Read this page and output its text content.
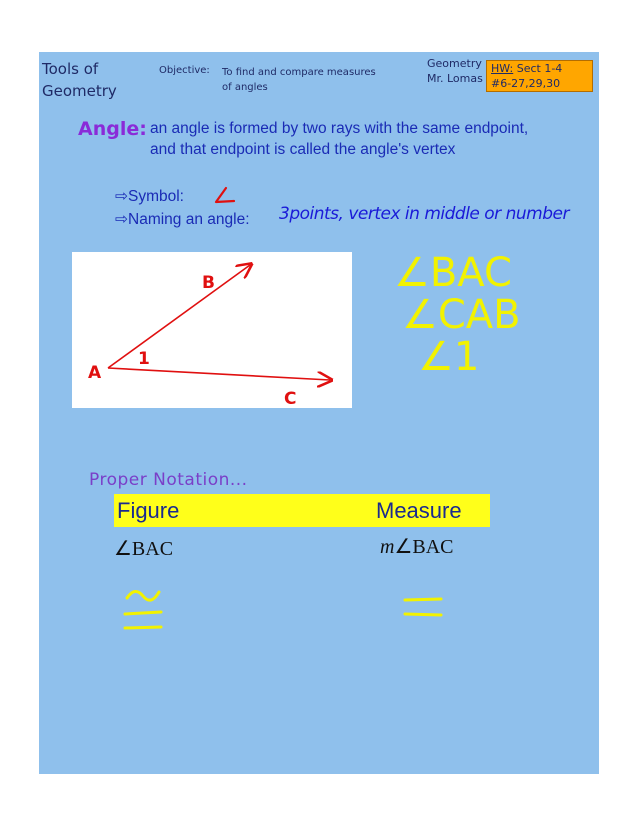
Tools of
Geometry
Objective: To find and compare measures
of angles
Geometry
Mr. Lomas
HW: Sect 1-4
#6-27,29,30
Angle: an angle is formed by two rays with the same endpoint,
and that endpoint is called the angle's vertex
⇨Symbol:
⇨Naming an angle: 3points, vertex in middle or number
A
B
C
1
∠BAC
∠CAB
∠1
Proper Notation...
Figure	Measure
∠BAC	m∠BAC
